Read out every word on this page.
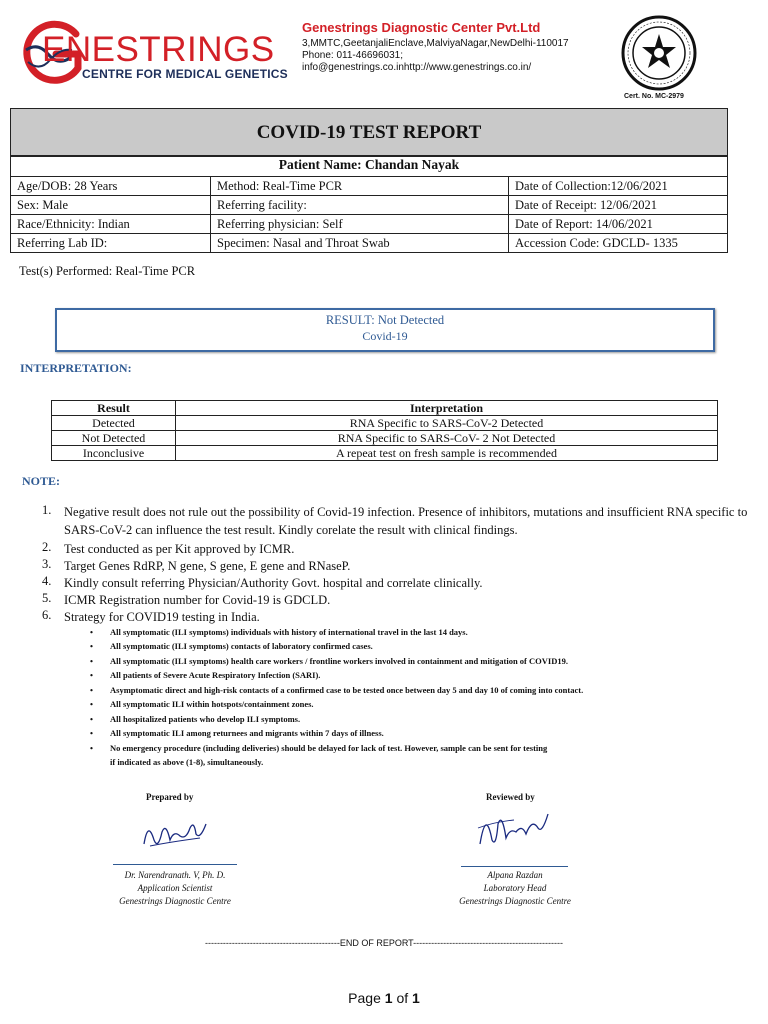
ENESTRINGS
CENTRE FOR MEDICAL GENETICS
Genestrings Diagnostic Center Pvt.Ltd
3,MMTC,GeetanjaliEnclave,MalviyaNagar,NewDelhi-110017
Phone: 011-46696031;
info@genestrings.co.inhttp://www.genestrings.co.in/
Cert. No. MC-2979
COVID-19 TEST REPORT

Age/DOB: 28 Years	Method: Real-Time PCR	Date of Collection:12/06/2021
Sex: Male	Referring facility:	Date of Receipt: 12/06/2021
Race/Ethnicity: Indian	Referring physician: Self	Date of Report: 14/06/2021
Referring Lab ID:	Specimen: Nasal and Throat Swab	Accession Code: GDCLD- 1335
Patient Name: Chandan Nayak
Test(s) Performed: Real-Time PCR
RESULT: Not Detected
Covid-19
INTERPRETATION:
Result	Interpretation
Detected	RNA Specific to SARS-CoV-2 Detected
Not Detected	RNA Specific to SARS-CoV- 2 Not Detected
Inconclusive	A repeat test on fresh sample is recommended
NOTE:
1. Negative result does not rule out the possibility of Covid-19 infection. Presence of inhibitors, mutations and insufficient RNA specific to SARS-CoV-2 can influence the test result. Kindly corelate the result with clinical findings.
2. Test conducted as per Kit approved by ICMR.
3. Target Genes RdRP, N gene, S gene, E gene and RNaseP.
4. Kindly consult referring Physician/Authority Govt. hospital and correlate clinically.
5. ICMR Registration number for Covid-19 is GDCLD.
6. Strategy for COVID19 testing in India.
• All symptomatic (ILI symptoms) individuals with history of international travel in the last 14 days.
• All symptomatic (ILI symptoms) contacts of laboratory confirmed cases.
• All symptomatic (ILI symptoms) health care workers / frontline workers involved in containment and mitigation of COVID19.
• All patients of Severe Acute Respiratory Infection (SARI).
• Asymptomatic direct and high-risk contacts of a confirmed case to be tested once between day 5 and day 10 of coming into contact.
• All symptomatic ILI within hotspots/containment zones.
• All hospitalized patients who develop ILI symptoms.
• All symptomatic ILI among returnees and migrants within 7 days of illness.
• No emergency procedure (including deliveries) should be delayed for lack of test. However, sample can be sent for testing
if indicated as above (1-8), simultaneously.
Prepared by	Reviewed by
Dr. Narendranath. V, Ph. D.
Application Scientist
Genestrings Diagnostic Centre
Alpana Razdan
Laboratory Head
Genestrings Diagnostic Centre
---------------------------------------------END OF REPORT--------------------------------------------------
Page 1 of 1
